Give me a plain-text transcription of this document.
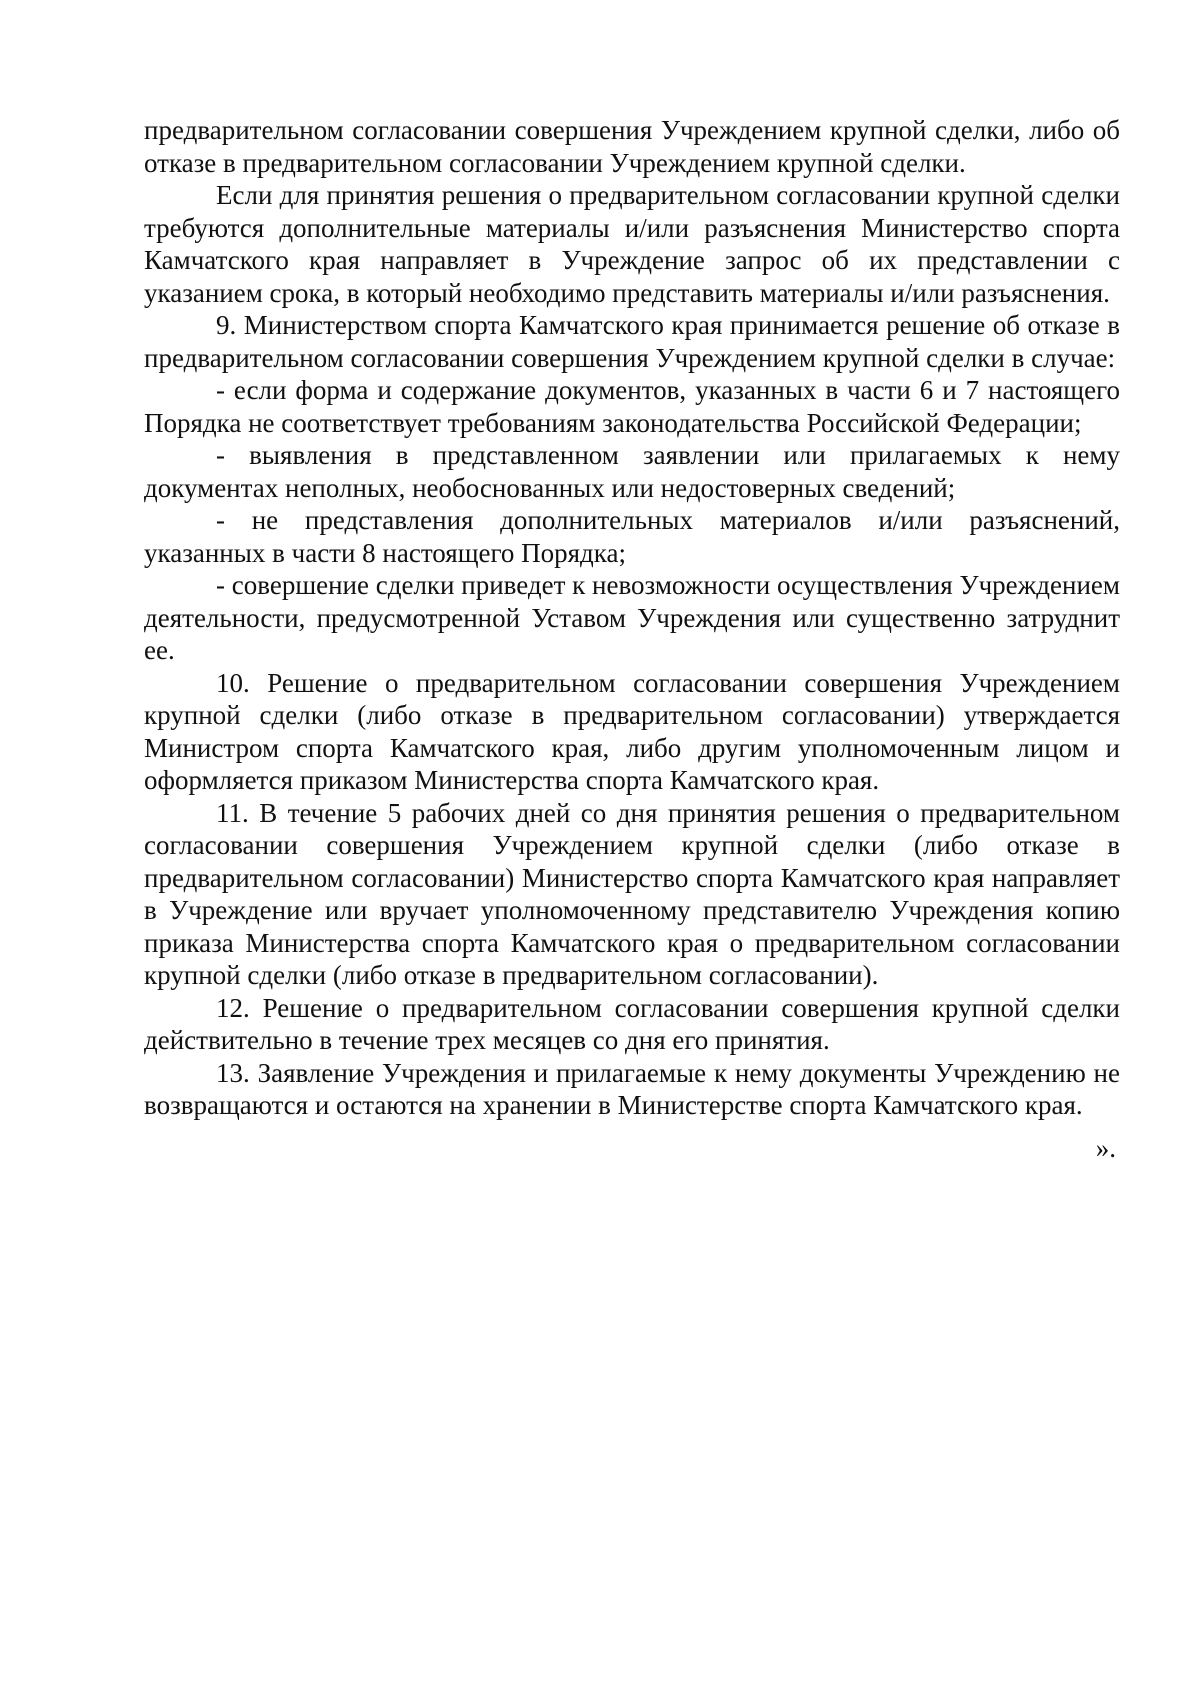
предварительном согласовании совершения Учреждением крупной сделки, либо об отказе в предварительном согласовании Учреждением крупной сделки.

Если для принятия решения о предварительном согласовании крупной сделки требуются дополнительные материалы и/или разъяснения Министерство спорта Камчатского края направляет в Учреждение запрос об их представлении с указанием срока, в который необходимо представить материалы и/или разъяснения.

9. Министерством спорта Камчатского края принимается решение об отказе в предварительном согласовании совершения Учреждением крупной сделки в случае:

- если форма и содержание документов, указанных в части 6 и 7 настоящего Порядка не соответствует требованиям законодательства Российской Федерации;

- выявления в представленном заявлении или прилагаемых к нему документах неполных, необоснованных или недостоверных сведений;

- не представления дополнительных материалов и/или разъяснений, указанных в части 8 настоящего Порядка;

- совершение сделки приведет к невозможности осуществления Учреждением деятельности, предусмотренной Уставом Учреждения или существенно затруднит ее.

10. Решение о предварительном согласовании совершения Учреждением крупной сделки (либо отказе в предварительном согласовании) утверждается Министром спорта Камчатского края, либо другим уполномоченным лицом и оформляется приказом Министерства спорта Камчатского края.

11. В течение 5 рабочих дней со дня принятия решения о предварительном согласовании совершения Учреждением крупной сделки (либо отказе в предварительном согласовании) Министерство спорта Камчатского края направляет в Учреждение или вручает уполномоченному представителю Учреждения копию приказа Министерства спорта Камчатского края о предварительном согласовании крупной сделки (либо отказе в предварительном согласовании).

12. Решение о предварительном согласовании совершения крупной сделки действительно в течение трех месяцев со дня его принятия.

13. Заявление Учреждения и прилагаемые к нему документы Учреждению не возвращаются и остаются на хранении в Министерстве спорта Камчатского края.

».
